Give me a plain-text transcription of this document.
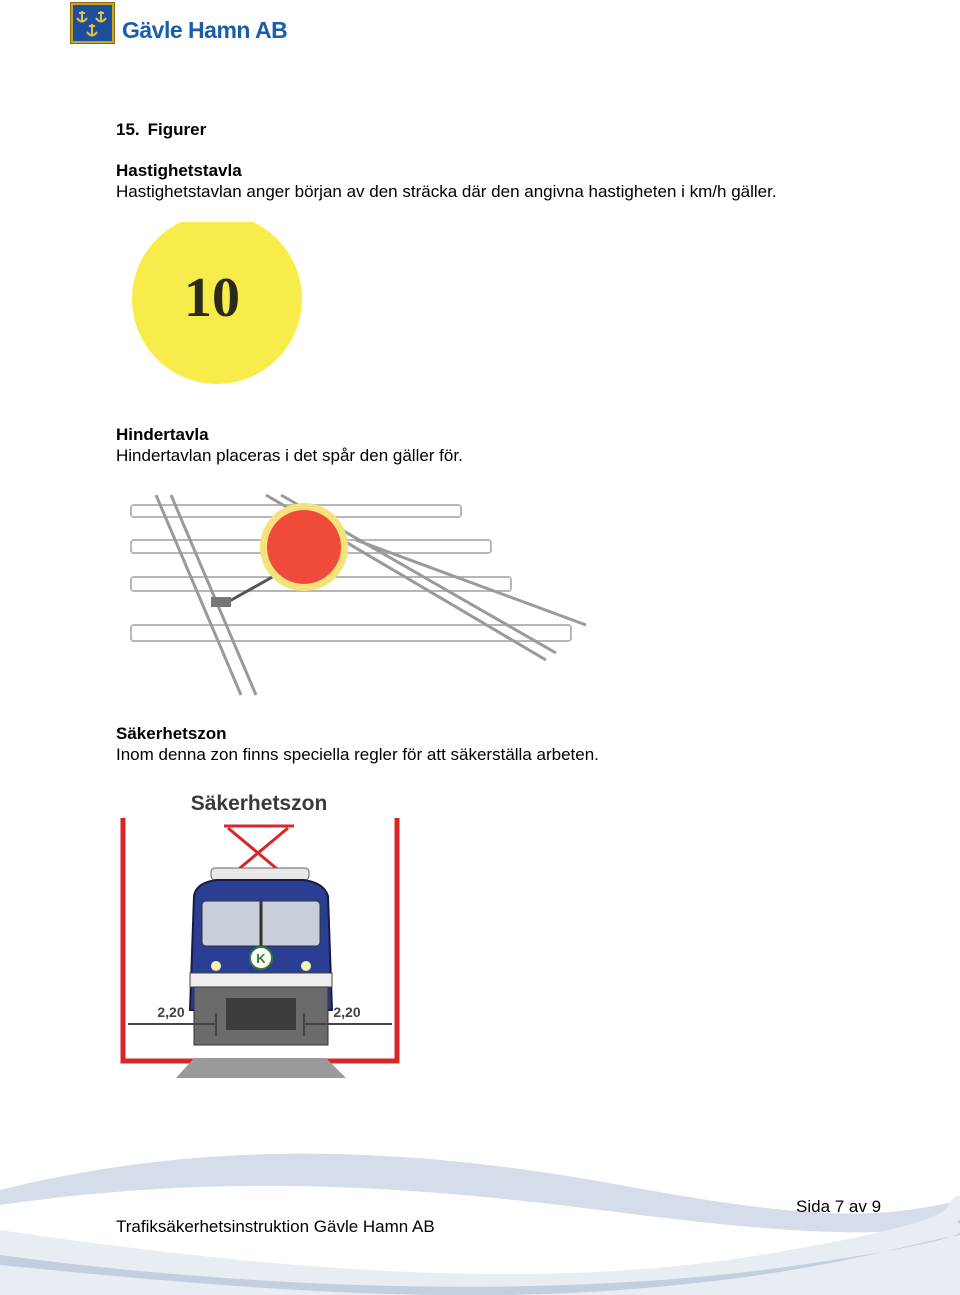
Gävle Hamn AB
15. Figurer
Hastighetstavla
Hastighetstavlan anger början av den sträcka där den angivna hastigheten i km/h gäller.
10
Hindertavla
Hindertavlan placeras i det spår den gäller för.
Säkerhetszon
Inom denna zon finns speciella regler för att säkerställa arbeten.
Säkerhetszon
K
2,20	2,20
Sida 7 av 9
Trafiksäkerhetsinstruktion Gävle Hamn AB
